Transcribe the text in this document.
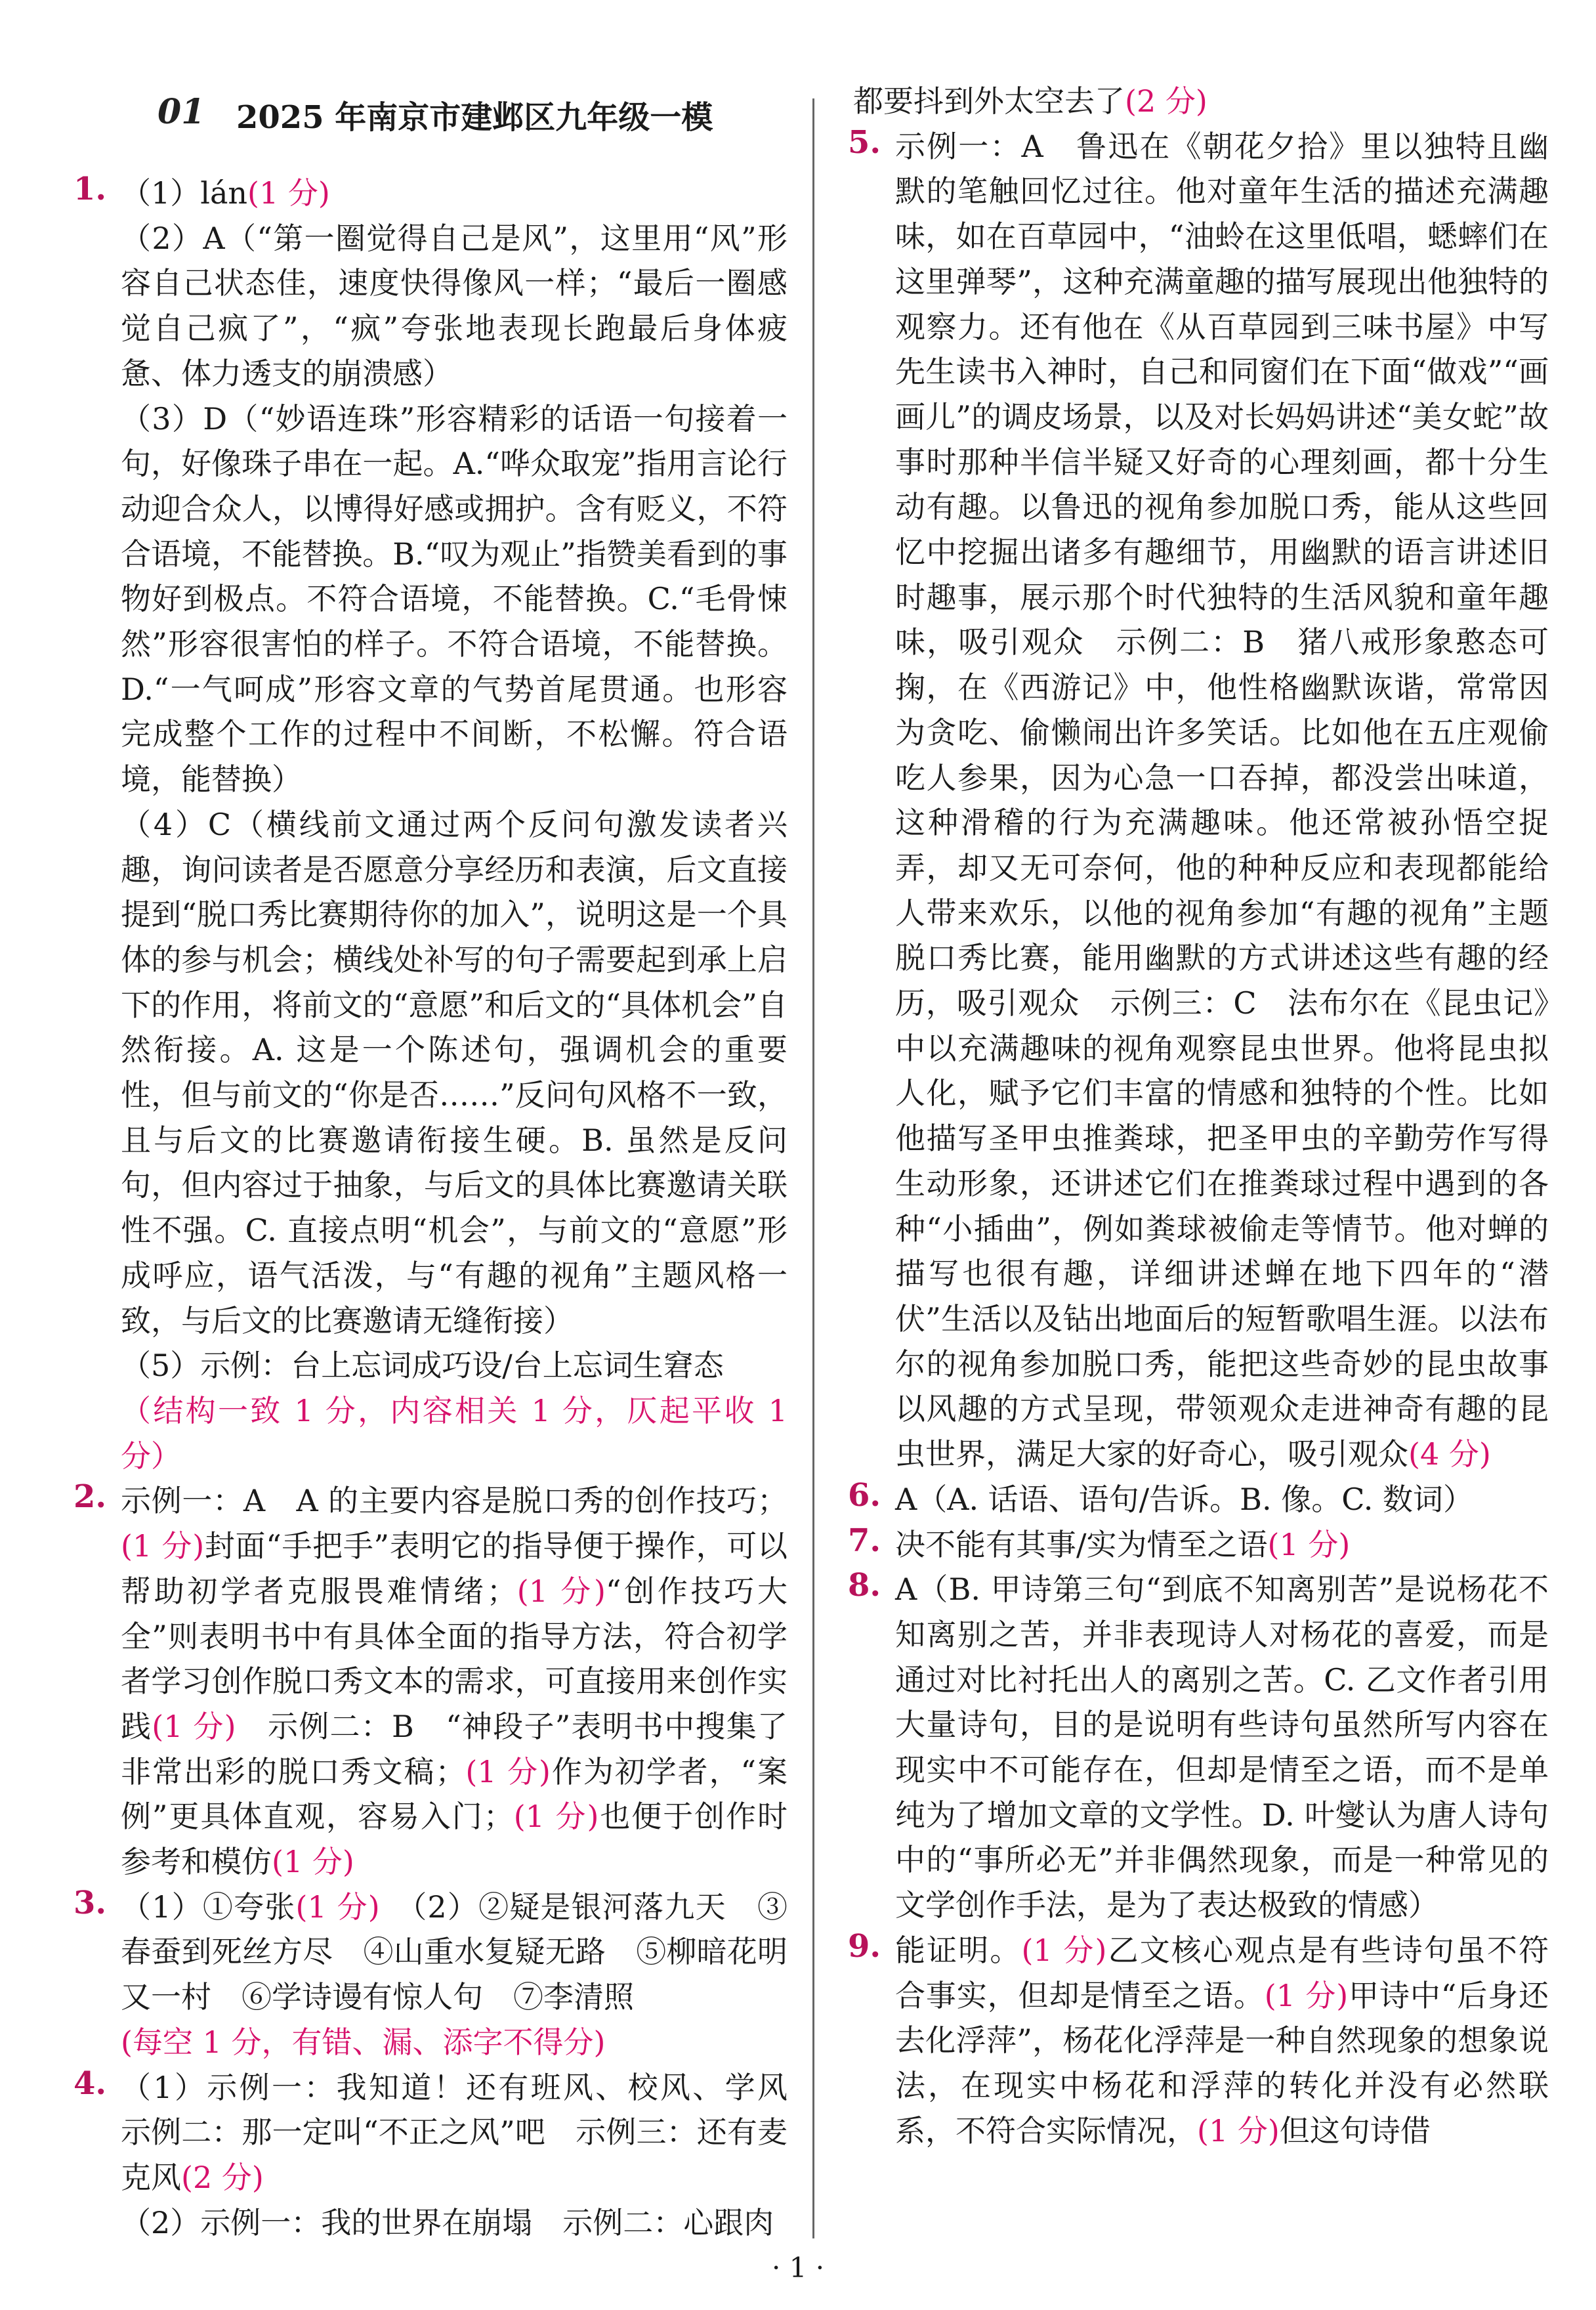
01 2025 年南京市建邺区九年级一模
1. （1）lán(1 分)

（2）A（“第一圈觉得自己是风”，这里用“风”形容自己状态佳，速度快得像风一样；“最后一圈感觉自己疯了”，“疯”夸张地表现长跑最后身体疲惫、体力透支的崩溃感）

（3）D（“妙语连珠”形容精彩的话语一句接着一句，好像珠子串在一起。A.“哗众取宠”指用言论行动迎合众人，以博得好感或拥护。含有贬义，不符合语境，不能替换。B.“叹为观止”指赞美看到的事物好到极点。不符合语境，不能替换。C.“毛骨悚然”形容很害怕的样子。不符合语境，不能替换。D.“一气呵成”形容文章的气势首尾贯通。也形容完成整个工作的过程中不间断，不松懈。符合语境，能替换）

（4）C（横线前文通过两个反问句激发读者兴趣，询问读者是否愿意分享经历和表演，后文直接提到“脱口秀比赛期待你的加入”，说明这是一个具体的参与机会；横线处补写的句子需要起到承上启下的作用，将前文的“意愿”和后文的“具体机会”自然衔接。A. 这是一个陈述句，强调机会的重要性，但与前文的“你是否……”反问句风格不一致，且与后文的比赛邀请衔接生硬。B. 虽然是反问句，但内容过于抽象，与后文的具体比赛邀请关联性不强。C. 直接点明“机会”，与前文的“意愿”形成呼应，语气活泼，与“有趣的视角”主题风格一致，与后文的比赛邀请无缝衔接）

（5）示例：台上忘词成巧设/台上忘词生窘态

（结构一致 1 分，内容相关 1 分，仄起平收 1 分）

2. 示例一：A　A 的主要内容是脱口秀的创作技巧；(1 分)封面“手把手”表明它的指导便于操作，可以帮助初学者克服畏难情绪；(1 分)“创作技巧大全”则表明书中有具体全面的指导方法，符合初学者学习创作脱口秀文本的需求，可直接用来创作实践(1 分)　示例二：B　“神段子”表明书中搜集了非常出彩的脱口秀文稿；(1 分)作为初学者，“案例”更具体直观，容易入门；(1 分)也便于创作时参考和模仿(1 分)

3. （1）①夸张(1 分)　（2）②疑是银河落九天　③春蚕到死丝方尽　④山重水复疑无路　⑤柳暗花明又一村　⑥学诗谩有惊人句　⑦李清照

(每空 1 分，有错、漏、添字不得分)

4. （1）示例一：我知道！还有班风、校风、学风　示例二：那一定叫“不正之风”吧　示例三：还有麦克风(2 分)

（2）示例一：我的世界在崩塌　示例二：心跟肉

都要抖到外太空去了(2 分)

5. 示例一：A　鲁迅在《朝花夕拾》里以独特且幽默的笔触回忆过往。他对童年生活的描述充满趣味，如在百草园中，“油蛉在这里低唱，蟋蟀们在这里弹琴”，这种充满童趣的描写展现出他独特的观察力。还有他在《从百草园到三味书屋》中写先生读书入神时，自己和同窗们在下面“做戏”“画画儿”的调皮场景，以及对长妈妈讲述“美女蛇”故事时那种半信半疑又好奇的心理刻画，都十分生动有趣。以鲁迅的视角参加脱口秀，能从这些回忆中挖掘出诸多有趣细节，用幽默的语言讲述旧时趣事，展示那个时代独特的生活风貌和童年趣味，吸引观众　示例二：B　猪八戒形象憨态可掬，在《西游记》中，他性格幽默诙谐，常常因为贪吃、偷懒闹出许多笑话。比如他在五庄观偷吃人参果，因为心急一口吞掉，都没尝出味道，这种滑稽的行为充满趣味。他还常被孙悟空捉弄，却又无可奈何，他的种种反应和表现都能给人带来欢乐，以他的视角参加“有趣的视角”主题脱口秀比赛，能用幽默的方式讲述这些有趣的经历，吸引观众　示例三：C　法布尔在《昆虫记》中以充满趣味的视角观察昆虫世界。他将昆虫拟人化，赋予它们丰富的情感和独特的个性。比如他描写圣甲虫推粪球，把圣甲虫的辛勤劳作写得生动形象，还讲述它们在推粪球过程中遇到的各种“小插曲”，例如粪球被偷走等情节。他对蝉的描写也很有趣，详细讲述蝉在地下四年的“潜伏”生活以及钻出地面后的短暂歌唱生涯。以法布尔的视角参加脱口秀，能把这些奇妙的昆虫故事以风趣的方式呈现，带领观众走进神奇有趣的昆虫世界，满足大家的好奇心，吸引观众(4 分)

6. A（A. 话语、语句/告诉。B. 像。C. 数词）

7. 决不能有其事/实为情至之语(1 分)

8. A（B. 甲诗第三句“到底不知离别苦”是说杨花不知离别之苦，并非表现诗人对杨花的喜爱，而是通过对比衬托出人的离别之苦。C. 乙文作者引用大量诗句，目的是说明有些诗句虽然所写内容在现实中不可能存在，但却是情至之语，而不是单纯为了增加文章的文学性。D. 叶燮认为唐人诗句中的“事所必无”并非偶然现象，而是一种常见的文学创作手法，是为了表达极致的情感）

9. 能证明。(1 分)乙文核心观点是有些诗句虽不符合事实，但却是情至之语。(1 分)甲诗中“后身还去化浮萍”，杨花化浮萍是一种自然现象的想象说法，在现实中杨花和浮萍的转化并没有必然联系，不符合实际情况，(1 分)但这句诗借

· 1 ·
